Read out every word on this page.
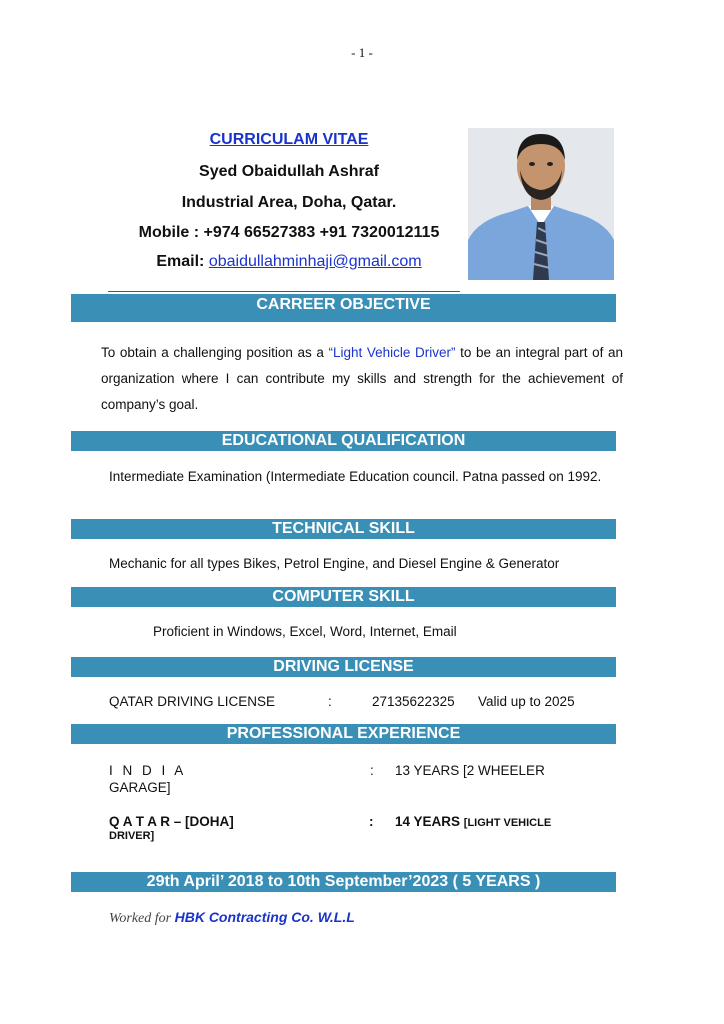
- 1 -
CURRICULAM VITAE
Syed Obaidullah Ashraf
Industrial Area, Doha, Qatar.
Mobile : +974 66527383 +91 7320012115
Email: obaidullahminhaji@gmail.com
CARREER OBJECTIVE
To obtain a challenging position as a “Light Vehicle Driver” to be an integral part of an organization where I can contribute my skills and strength for the achievement of company’s goal.
EDUCATIONAL QUALIFICATION
Intermediate Examination (Intermediate Education council. Patna passed on 1992.
TECHNICAL SKILL
Mechanic for all types Bikes, Petrol Engine, and Diesel Engine & Generator
COMPUTER SKILL
Proficient in Windows, Excel, Word, Internet, Email
DRIVING LICENSE
QATAR DRIVING LICENSE	:	27135622325 Valid up to 2025
PROFESSIONAL EXPERIENCE
I N D I A	: 13 YEARS [2 WHEELER
GARAGE]
Q A T A R – [DOHA]	: 14 YEARS [LIGHT VEHICLE
DRIVER]
29th April’ 2018 to 10th September’2023 ( 5 YEARS )
Worked for HBK Contracting Co. W.L.L
